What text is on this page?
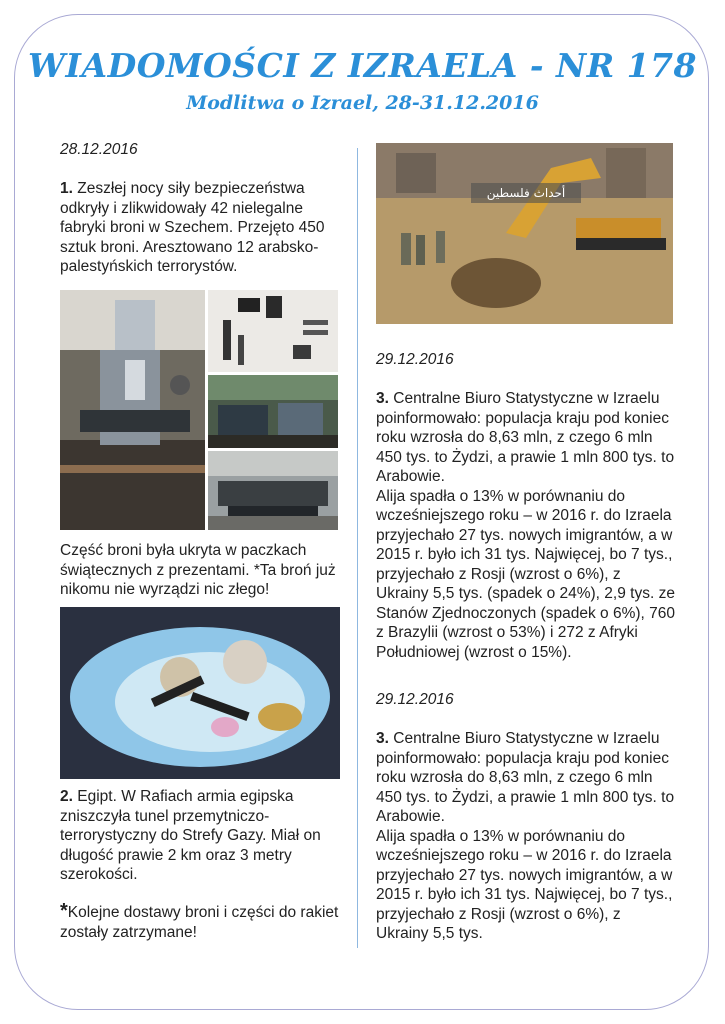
WIADOMOŚCI Z IZRAELA - NR 178
Modlitwa o Izrael, 28-31.12.2016

28.12.2016

1. Zeszłej nocy siły bezpieczeństwa odkryły i zlikwidowały 42 nielegalne fabryki broni w Szechem. Przejęto 450 sztuk broni. Aresztowano 12 arabsko-palestyńskich terrorystów.

Część broni była ukryta w paczkach świątecznych z prezentami. *Ta broń już nikomu nie wyrządzi nic złego!

2. Egipt. W Rafiach armia egipska zniszczyła tunel przemytniczo-terrorystyczny do Strefy Gazy. Miał on długość prawie 2 km oraz 3 metry szerokości.

*Kolejne dostawy broni i części do rakiet zostały zatrzymane!

أحداث فلسطين

29.12.2016

3. Centralne Biuro Statystyczne w Izraelu poinformowało: populacja kraju pod koniec roku wzrosła do 8,63 mln, z czego 6 mln 450 tys. to Żydzi, a prawie 1 mln 800 tys. to Arabowie.
Alija spadła o 13% w porównaniu do wcześniejszego roku – w 2016 r. do Izraela przyjechało 27 tys. nowych imigrantów, a w 2015 r. było ich 31 tys. Najwięcej, bo 7 tys., przyjechało z Rosji (wzrost o 6%), z Ukrainy 5,5 tys. (spadek o 24%), 2,9 tys. ze Stanów Zjednoczonych (spadek o 6%), 760 z Brazylii (wzrost o 53%) i 272 z Afryki Południowej (wzrost o 15%).

29.12.2016

3. Centralne Biuro Statystyczne w Izraelu poinformowało: populacja kraju pod koniec roku wzrosła do 8,63 mln, z czego 6 mln 450 tys. to Żydzi, a prawie 1 mln 800 tys. to Arabowie.
Alija spadła o 13% w porównaniu do wcześniejszego roku – w 2016 r. do Izraela przyjechało 27 tys. nowych imigrantów, a w 2015 r. było ich 31 tys. Najwięcej, bo 7 tys., przyjechało z Rosji (wzrost o 6%), z Ukrainy 5,5 tys.
